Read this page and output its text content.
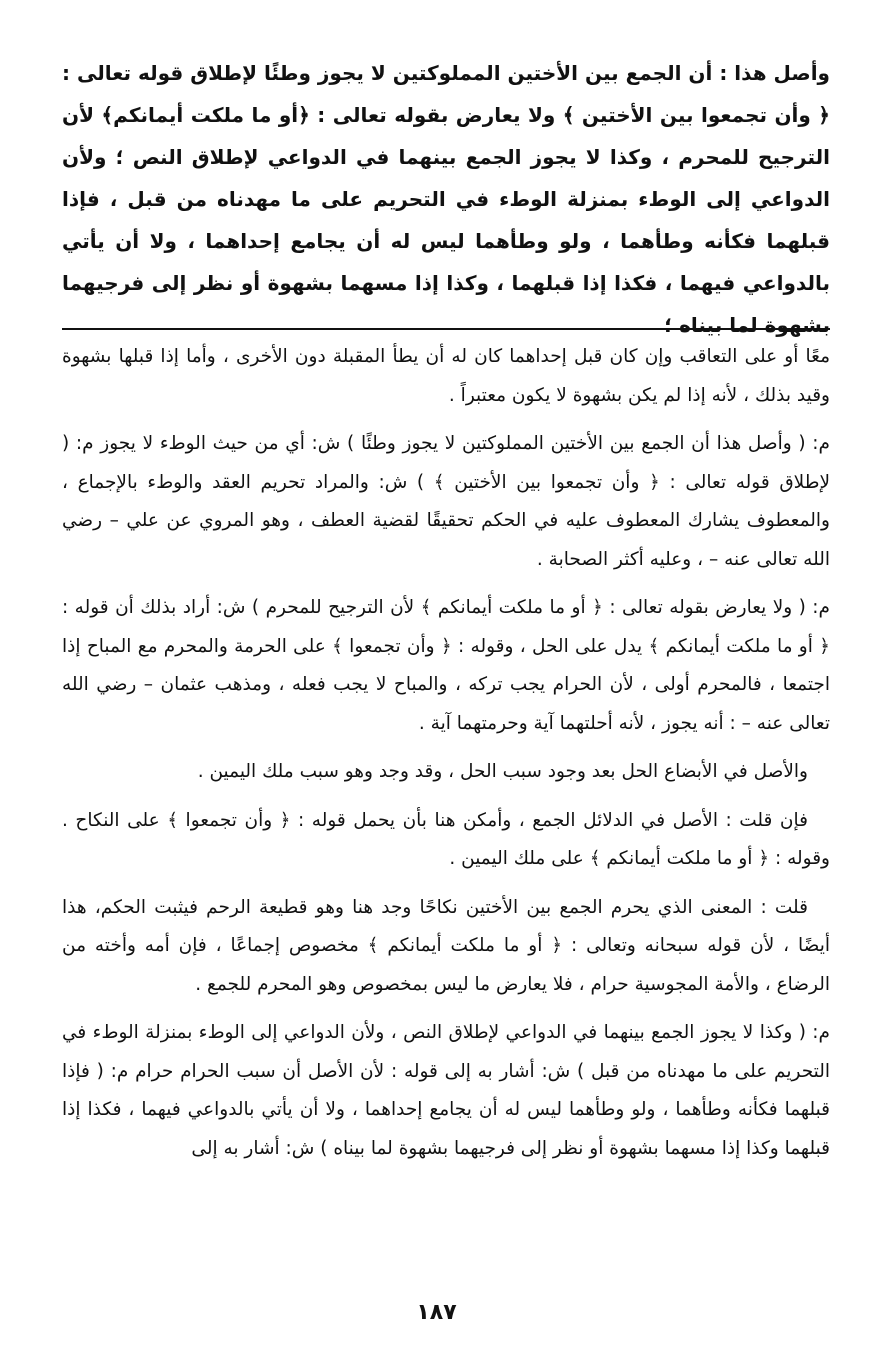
وأصل هذا : أن الجمع بين الأختين المملوكتين لا يجوز وطئًا لإطلاق قوله تعالى : ﴿ وأن تجمعوا بين الأختين ﴾ ولا يعارض بقوله تعالى : ﴿أو ما ملكت أيمانكم﴾ لأن الترجيح للمحرم ، وكذا لا يجوز الجمع بينهما في الدواعي لإطلاق النص ؛ ولأن الدواعي إلى الوطء بمنزلة الوطء في التحريم على ما مهدناه من قبل ، فإذا قبلهما فكأنه وطأهما ، ولو وطأهما ليس له أن يجامع إحداهما ، ولا أن يأتي بالدواعي فيهما ، فكذا إذا قبلهما ، وكذا إذا مسهما بشهوة أو نظر إلى فرجيهما بشهوة لما بيناه ؛

معًا أو على التعاقب وإن كان قبل إحداهما كان له أن يطأ المقبلة دون الأخرى ، وأما إذا قبلها بشهوة وقيد بذلك ، لأنه إذا لم يكن بشهوة لا يكون معتبراً .

م: ( وأصل هذا أن الجمع بين الأختين المملوكتين لا يجوز وطئًا ) ش: أي من حيث الوطء لا يجوز م: ( لإطلاق قوله تعالى : ﴿ وأن تجمعوا بين الأختين ﴾ ) ش: والمراد تحريم العقد والوطء بالإجماع ، والمعطوف يشارك المعطوف عليه في الحكم تحقيقًا لقضية العطف ، وهو المروي عن علي – رضي الله تعالى عنه – ، وعليه أكثر الصحابة .

م: ( ولا يعارض بقوله تعالى : ﴿ أو ما ملكت أيمانكم ﴾ لأن الترجيح للمحرم ) ش: أراد بذلك أن قوله : ﴿ أو ما ملكت أيمانكم ﴾ يدل على الحل ، وقوله : ﴿ وأن تجمعوا ﴾ على الحرمة والمحرم مع المباح إذا اجتمعا ، فالمحرم أولى ، لأن الحرام يجب تركه ، والمباح لا يجب فعله ، ومذهب عثمان – رضي الله تعالى عنه – : أنه يجوز ، لأنه أحلتهما آية وحرمتهما آية .

والأصل في الأبضاع الحل بعد وجود سبب الحل ، وقد وجد وهو سبب ملك اليمين .

فإن قلت : الأصل في الدلائل الجمع ، وأمكن هنا بأن يحمل قوله : ﴿ وأن تجمعوا ﴾ على النكاح . وقوله : ﴿ أو ما ملكت أيمانكم ﴾ على ملك اليمين .

قلت : المعنى الذي يحرم الجمع بين الأختين نكاحًا وجد هنا وهو قطيعة الرحم فيثبت الحكم، هذا أيضًا ، لأن قوله سبحانه وتعالى : ﴿ أو ما ملكت أيمانكم ﴾ مخصوص إجماعًا ، فإن أمه وأخته من الرضاع ، والأمة المجوسية حرام ، فلا يعارض ما ليس بمخصوص وهو المحرم للجمع .

م: ( وكذا لا يجوز الجمع بينهما في الدواعي لإطلاق النص ، ولأن الدواعي إلى الوطء بمنزلة الوطء في التحريم على ما مهدناه من قبل ) ش: أشار به إلى قوله : لأن الأصل أن سبب الحرام حرام م: ( فإذا قبلهما فكأنه وطأهما ، ولو وطأهما ليس له أن يجامع إحداهما ، ولا أن يأتي بالدواعي فيهما ، فكذا إذا قبلهما وكذا إذا مسهما بشهوة أو نظر إلى فرجيهما بشهوة لما بيناه ) ش: أشار به إلى

١٨٧
